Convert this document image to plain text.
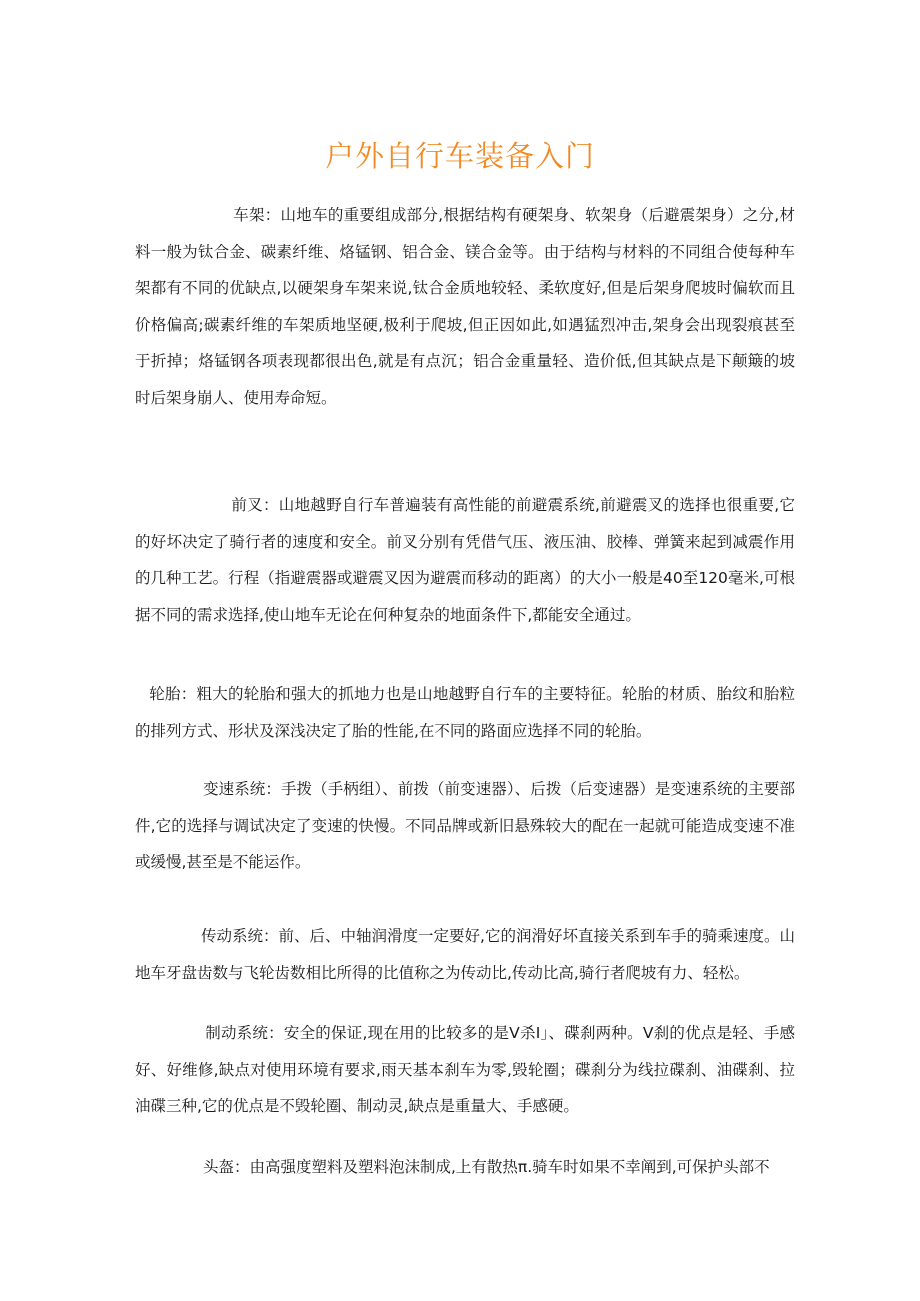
户外自行车装备入门

车架：山地车的重要组成部分,根据结构有硬架身、软架身（后避震架身）之分,材料一般为钛合金、碳素纤维、烙锰钢、铝合金、镁合金等。由于结构与材料的不同组合使每种车架都有不同的优缺点,以硬架身车架来说,钛合金质地较轻、柔软度好,但是后架身爬坡时偏软而且价格偏高;碳素纤维的车架质地坚硬,极利于爬坡,但正因如此,如遇猛烈冲击,架身会出现裂痕甚至于折掉；烙锰钢各项表现都很出色,就是有点沉；铝合金重量轻、造价低,但其缺点是下颠簸的坡时后架身崩人、使用寿命短。

前叉：山地越野自行车普遍装有高性能的前避震系统,前避震叉的选择也很重要,它的好坏决定了骑行者的速度和安全。前叉分别有凭借气压、液压油、胶棒、弹簧来起到减震作用的几种工艺。行程（指避震器或避震叉因为避震而移动的距离）的大小一般是40至120毫米,可根据不同的需求选择,使山地车无论在何种复杂的地面条件下,都能安全通过。

轮胎：粗大的轮胎和强大的抓地力也是山地越野自行车的主要特征。轮胎的材质、胎纹和胎粒的排列方式、形状及深浅决定了胎的性能,在不同的路面应选择不同的轮胎。

变速系统：手拨（手柄组）、前拨（前变速器）、后拨（后变速器）是变速系统的主要部件,它的选择与调试决定了变速的快慢。不同品牌或新旧悬殊较大的配在一起就可能造成变速不准或缓慢,甚至是不能运作。

传动系统：前、后、中轴润滑度一定要好,它的润滑好坏直接关系到车手的骑乘速度。山地车牙盘齿数与飞轮齿数相比所得的比值称之为传动比,传动比高,骑行者爬坡有力、轻松。

制动系统：安全的保证,现在用的比较多的是V杀I」、碟刹两种。V刹的优点是轻、手感好、好维修,缺点对使用环境有要求,雨天基本刹车为零,毁轮圈；碟刹分为线拉碟刹、油碟刹、拉油碟三种,它的优点是不毁轮圈、制动灵,缺点是重量大、手感硬。

头盔：由高强度塑料及塑料泡沫制成,上有散热π.骑车时如果不幸阐到,可保护头部不
